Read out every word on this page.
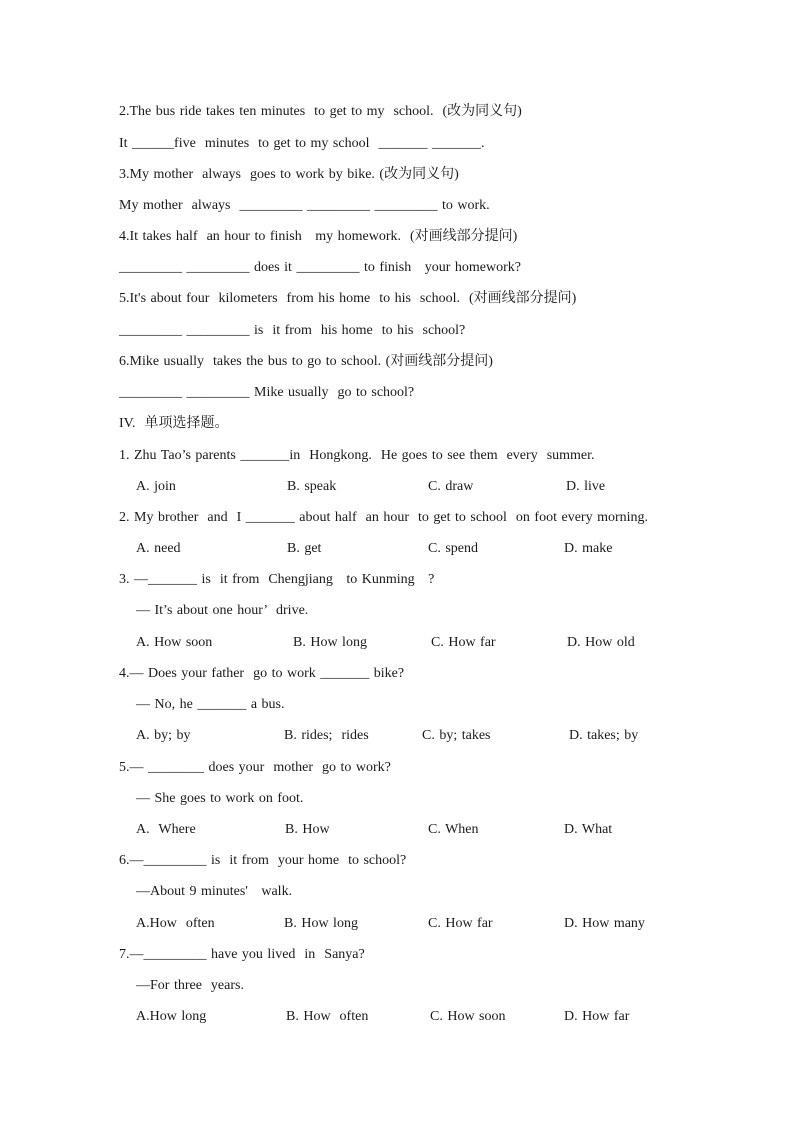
2.The bus ride takes ten minutes  to get to my  school.  (改为同义句)
It ______five  minutes  to get to my school  _______ _______.
3.My mother  always  goes to work by bike. (改为同义句)
My mother  always  _________ _________ _________ to work.
4.It takes half  an hour to finish   my homework.  (对画线部分提问)
_________ _________ does it _________ to finish   your homework?
5.It's about four  kilometers  from his home  to his  school.  (对画线部分提问)
_________ _________ is  it from  his home  to his  school?
6.Mike usually  takes the bus to go to school. (对画线部分提问)
_________ _________ Mike usually  go to school?
IV.  单项选择题。
1. Zhu Tao’s parents _______in  Hongkong.  He goes to see them  every  summer.
A. join	B. speak	C. draw	D. live
2. My brother  and  I _______ about half  an hour  to get to school  on foot every morning.
A. need	B. get	C. spend	D. make
3. —_______ is  it from  Chengjiang   to Kunming   ?
— It’s about one hour’  drive.
A. How soon	B. How long	C. How far	D. How old
4.— Does your father  go to work _______ bike?
— No, he _______ a bus.
A. by; by	B. rides;  rides	C. by; takes	D. takes; by
5.— ________ does your  mother  go to work?
— She goes to work on foot.
A.  Where	B. How	C. When	D. What
6.—_________ is  it from  your home  to school?
—About 9 minutes'   walk.
A.How  often	B. How long	C. How far	D. How many
7.—_________ have you lived  in  Sanya?
—For three  years.
A.How long	B. How  often	C. How soon	D. How far
